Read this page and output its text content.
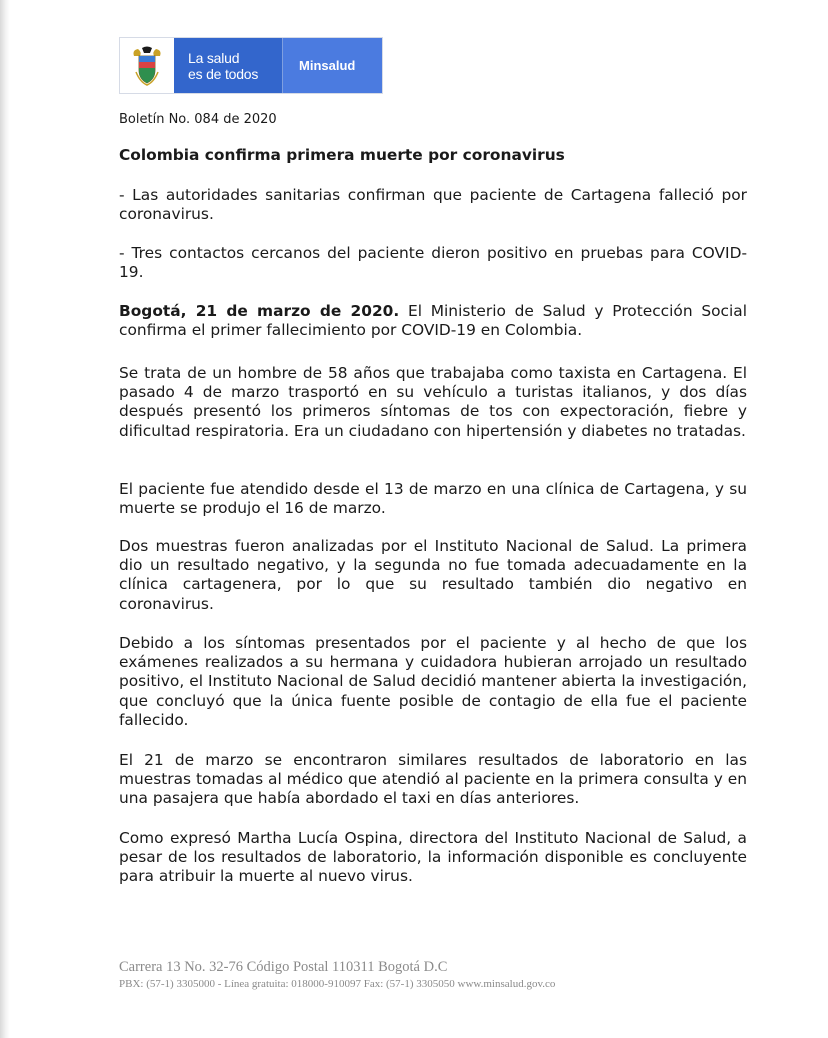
La salud
es de todos	Minsalud
Boletín No. 084 de 2020
Colombia confirma primera muerte por coronavirus
- Las autoridades sanitarias confirman que paciente de Cartagena falleció por coronavirus.
- Tres contactos cercanos del paciente dieron positivo en pruebas para COVID-19.
Bogotá, 21 de marzo de 2020. El Ministerio de Salud y Protección Social confirma el primer fallecimiento por COVID-19 en Colombia.
Se trata de un hombre de 58 años que trabajaba como taxista en Cartagena. El pasado 4 de marzo trasportó en su vehículo a turistas italianos, y dos días después presentó los primeros síntomas de tos con expectoración, fiebre y dificultad respiratoria. Era un ciudadano con hipertensión y diabetes no tratadas.
El paciente fue atendido desde el 13 de marzo en una clínica de Cartagena, y su muerte se produjo el 16 de marzo.
Dos muestras fueron analizadas por el Instituto Nacional de Salud. La primera dio un resultado negativo, y la segunda no fue tomada adecuadamente en la clínica cartagenera, por lo que su resultado también dio negativo en coronavirus.
Debido a los síntomas presentados por el paciente y al hecho de que los exámenes realizados a su hermana y cuidadora hubieran arrojado un resultado positivo, el Instituto Nacional de Salud decidió mantener abierta la investigación, que concluyó que la única fuente posible de contagio de ella fue el paciente fallecido.
El 21 de marzo se encontraron similares resultados de laboratorio en las muestras tomadas al médico que atendió al paciente en la primera consulta y en una pasajera que había abordado el taxi en días anteriores.
Como expresó Martha Lucía Ospina, directora del Instituto Nacional de Salud, a pesar de los resultados de laboratorio, la información disponible es concluyente para atribuir la muerte al nuevo virus.
Carrera 13 No. 32-76 Código Postal 110311 Bogotá D.C
PBX: (57-1) 3305000 - Línea gratuita: 018000-910097 Fax: (57-1) 3305050 www.minsalud.gov.co
